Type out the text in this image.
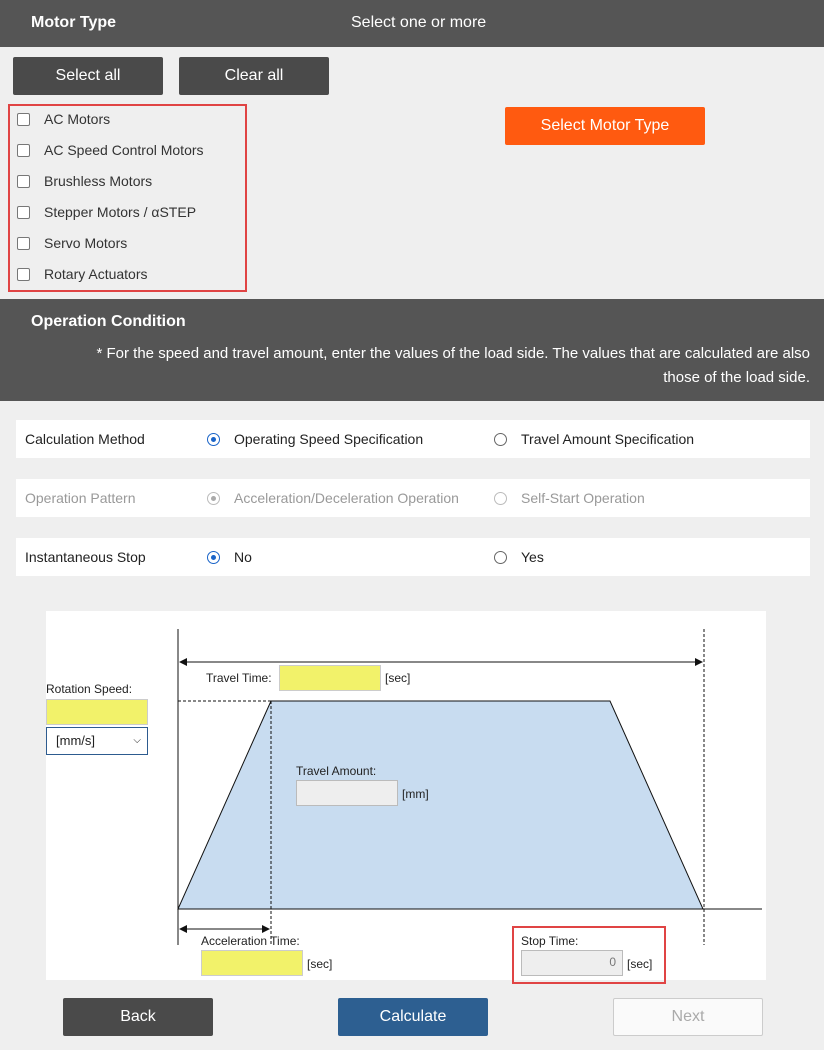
Motor Type	Select one or more
Select all	Clear all
AC Motors
AC Speed Control Motors
Brushless Motors
Stepper Motors / αSTEP
Servo Motors
Rotary Actuators
Select Motor Type
Operation Condition
* For the speed and travel amount, enter the values of the load side. The values that are calculated are also
those of the load side.
Calculation Method	Operating Speed Specification	Travel Amount Specification
Operation Pattern	Acceleration/Deceleration Operation	Self-Start Operation
Instantaneous Stop	No	Yes
Rotation Speed:
[mm/s]	⌵
Travel Time:	[sec]
Travel Amount:
[mm]
Acceleration Time:
[sec]
Stop Time:
0 [sec]
Back	Calculate	Next
